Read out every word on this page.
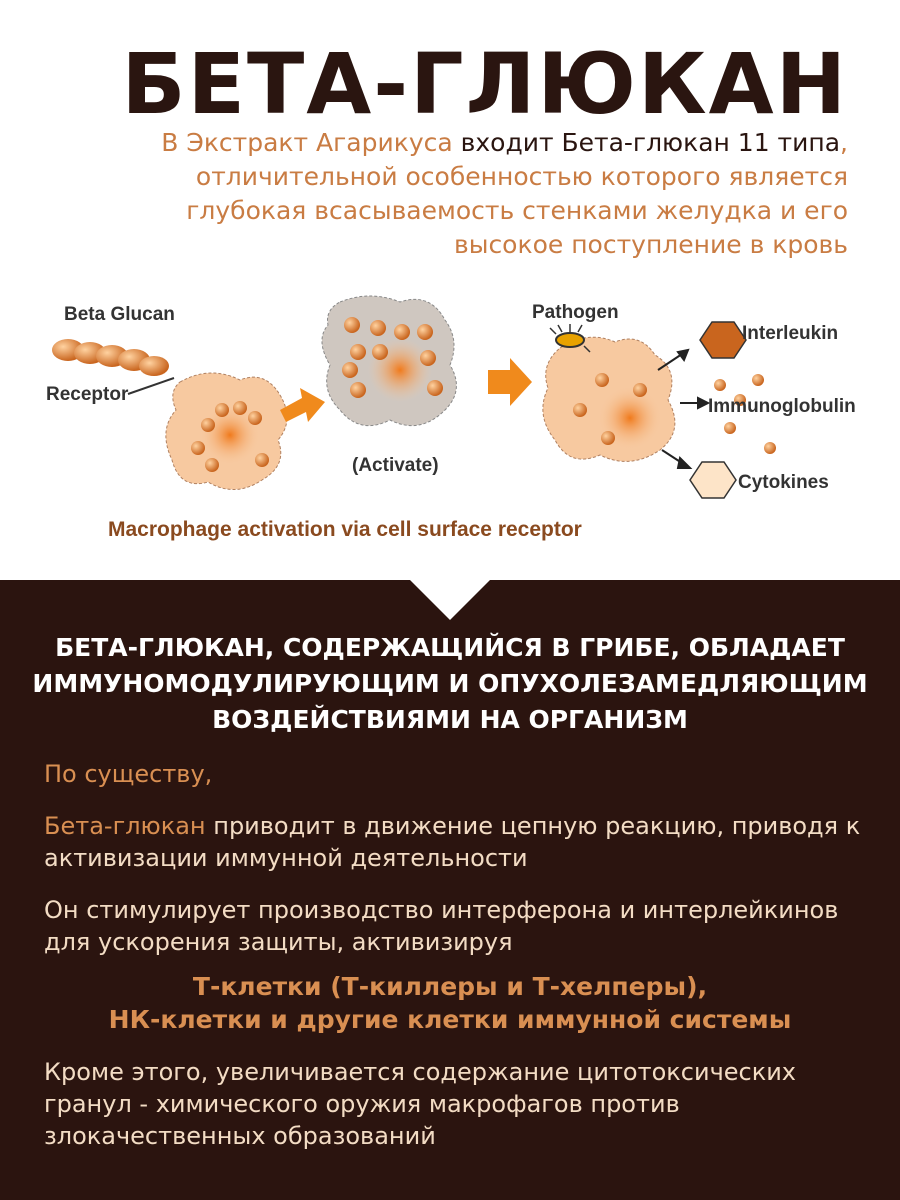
БЕТА-ГЛЮКАН
В Экстракт Агарикуса входит Бета-глюкан 11 типа, отличительной особенностью которого является глубокая всасываемость стенками желудка и его высокое поступление в кровь
Beta Glucan
Receptor
(Activate)
Pathogen
Interleukin
Immunoglobulin
Cytokines
Macrophage activation via cell surface receptor
БЕТА-ГЛЮКАН, СОДЕРЖАЩИЙСЯ В ГРИБЕ, ОБЛАДАЕТ
ИММУНОМОДУЛИРУЮЩИМ И ОПУХОЛЕЗАМЕДЛЯЮЩИМ
ВОЗДЕЙСТВИЯМИ НА ОРГАНИЗМ
По существу,
Бета-глюкан приводит в движение цепную реакцию, приводя к активизации иммунной деятельности
Он стимулирует производство интерферона и интерлейкинов для ускорения защиты, активизируя
Т-клетки (Т-киллеры и Т-хелперы),
НК-клетки и другие клетки иммунной системы
Кроме этого, увеличивается содержание цитотоксических гранул - химического оружия макрофагов против злокачественных образований
